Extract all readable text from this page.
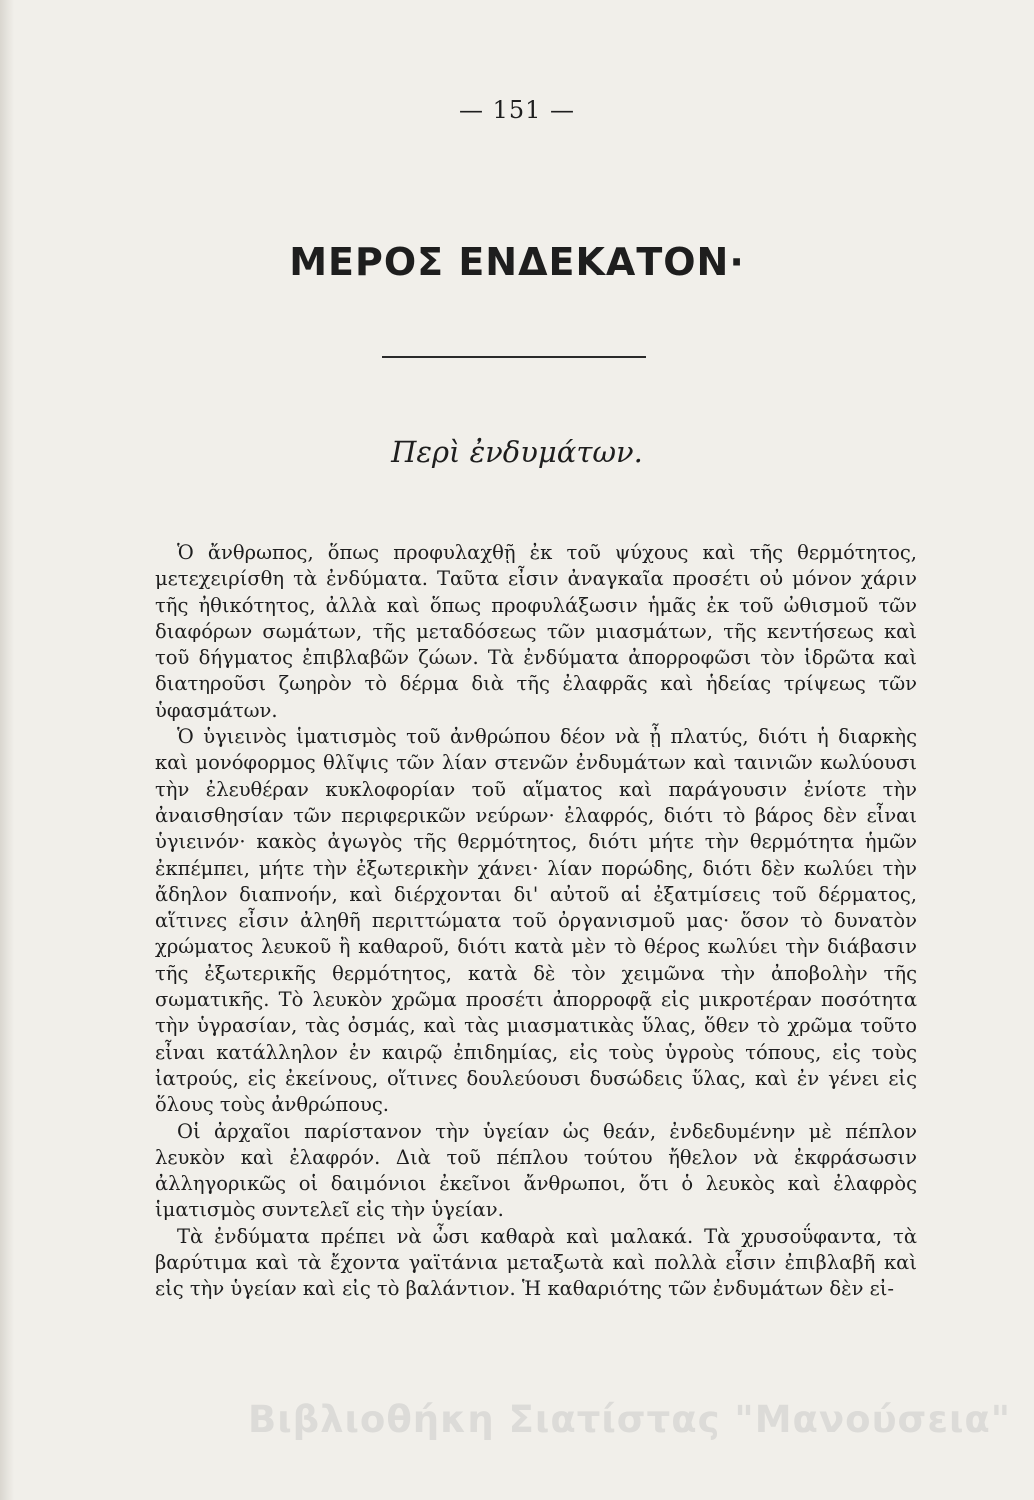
— 151 —
ΜΕΡΟΣ ΕΝΔΕΚΑΤΟΝ·
Περὶ ἐνδυμάτων.

Ὁ ἄνθρωπος, ὅπως προφυλαχθῇ ἐκ τοῦ ψύχους καὶ τῆς θερμότητος, μετεχειρίσθη τὰ ἐνδύματα. Ταῦτα εἶσιν ἀναγκαῖα προσέτι οὐ μόνον χάριν τῆς ἠθικότητος, ἀλλὰ καὶ ὅπως προφυλάξωσιν ἡμᾶς ἐκ τοῦ ὠθισμοῦ τῶν διαφόρων σωμάτων, τῆς μεταδόσεως τῶν μιασμάτων, τῆς κεντήσεως καὶ τοῦ δήγματος ἐπιβλαβῶν ζώων. Τὰ ἐνδύματα ἀπορροφῶσι τὸν ἱδρῶτα καὶ διατηροῦσι ζωηρὸν τὸ δέρμα διὰ τῆς ἐλαφρᾶς καὶ ἡδείας τρίψεως τῶν ὑφασμάτων.

Ὁ ὑγιεινὸς ἱματισμὸς τοῦ ἀνθρώπου δέον νὰ ᾖ πλατύς, διότι ἡ διαρκὴς καὶ μονόφορμος θλῖψις τῶν λίαν στενῶν ἐνδυμάτων καὶ ταινιῶν κωλύουσι τὴν ἐλευθέραν κυκλοφορίαν τοῦ αἵματος καὶ παράγουσιν ἐνίοτε τὴν ἀναισθησίαν τῶν περιφερικῶν νεύρων· ἐλαφρός, διότι τὸ βάρος δὲν εἶναι ὑγιεινόν· κακὸς ἀγωγὸς τῆς θερμότητος, διότι μήτε τὴν θερμότητα ἡμῶν ἐκπέμπει, μήτε τὴν ἐξωτερικὴν χάνει· λίαν πορώδης, διότι δὲν κωλύει τὴν ἄδηλον διαπνοήν, καὶ διέρχονται δι' αὐτοῦ αἱ ἐξατμίσεις τοῦ δέρματος, αἵτινες εἶσιν ἀληθῆ περιττώματα τοῦ ὀργανισμοῦ μας· ὅσον τὸ δυνατὸν χρώματος λευκοῦ ἢ καθαροῦ, διότι κατὰ μὲν τὸ θέρος κωλύει τὴν διάβασιν τῆς ἐξωτερικῆς θερμότητος, κατὰ δὲ τὸν χειμῶνα τὴν ἀποβολὴν τῆς σωματικῆς. Τὸ λευκὸν χρῶμα προσέτι ἀπορροφᾷ εἰς μικροτέραν ποσότητα τὴν ὑγρασίαν, τὰς ὀσμάς, καὶ τὰς μιασματικὰς ὕλας, ὅθεν τὸ χρῶμα τοῦτο εἶναι κατάλληλον ἐν καιρῷ ἐπιδημίας, εἰς τοὺς ὑγροὺς τόπους, εἰς τοὺς ἰατρούς, εἰς ἐκείνους, οἵτινες δουλεύουσι δυσώδεις ὕλας, καὶ ἐν γένει εἰς ὅλους τοὺς ἀνθρώπους.

Οἱ ἀρχαῖοι παρίστανον τὴν ὑγείαν ὡς θεάν, ἐνδεδυμένην μὲ πέπλον λευκὸν καὶ ἐλαφρόν. Διὰ τοῦ πέπλου τούτου ἤθελον νὰ ἐκφράσωσιν ἀλληγορικῶς οἱ δαιμόνιοι ἐκεῖνοι ἄνθρωποι, ὅτι ὁ λευκὸς καὶ ἐλαφρὸς ἱματισμὸς συντελεῖ εἰς τὴν ὑγείαν.

Τὰ ἐνδύματα πρέπει νὰ ὦσι καθαρὰ καὶ μαλακά. Τὰ χρυσοΰφαντα, τὰ βαρύτιμα καὶ τὰ ἔχοντα γαϊτάνια μεταξωτὰ καὶ πολλὰ εἶσιν ἐπιβλαβῆ καὶ εἰς τὴν ὑγείαν καὶ εἰς τὸ βαλάντιον. Ἡ καθαριότης τῶν ἐνδυμάτων δὲν εἰ-

Βιβλιοθήκη Σιατίστας "Μανούσεια"
